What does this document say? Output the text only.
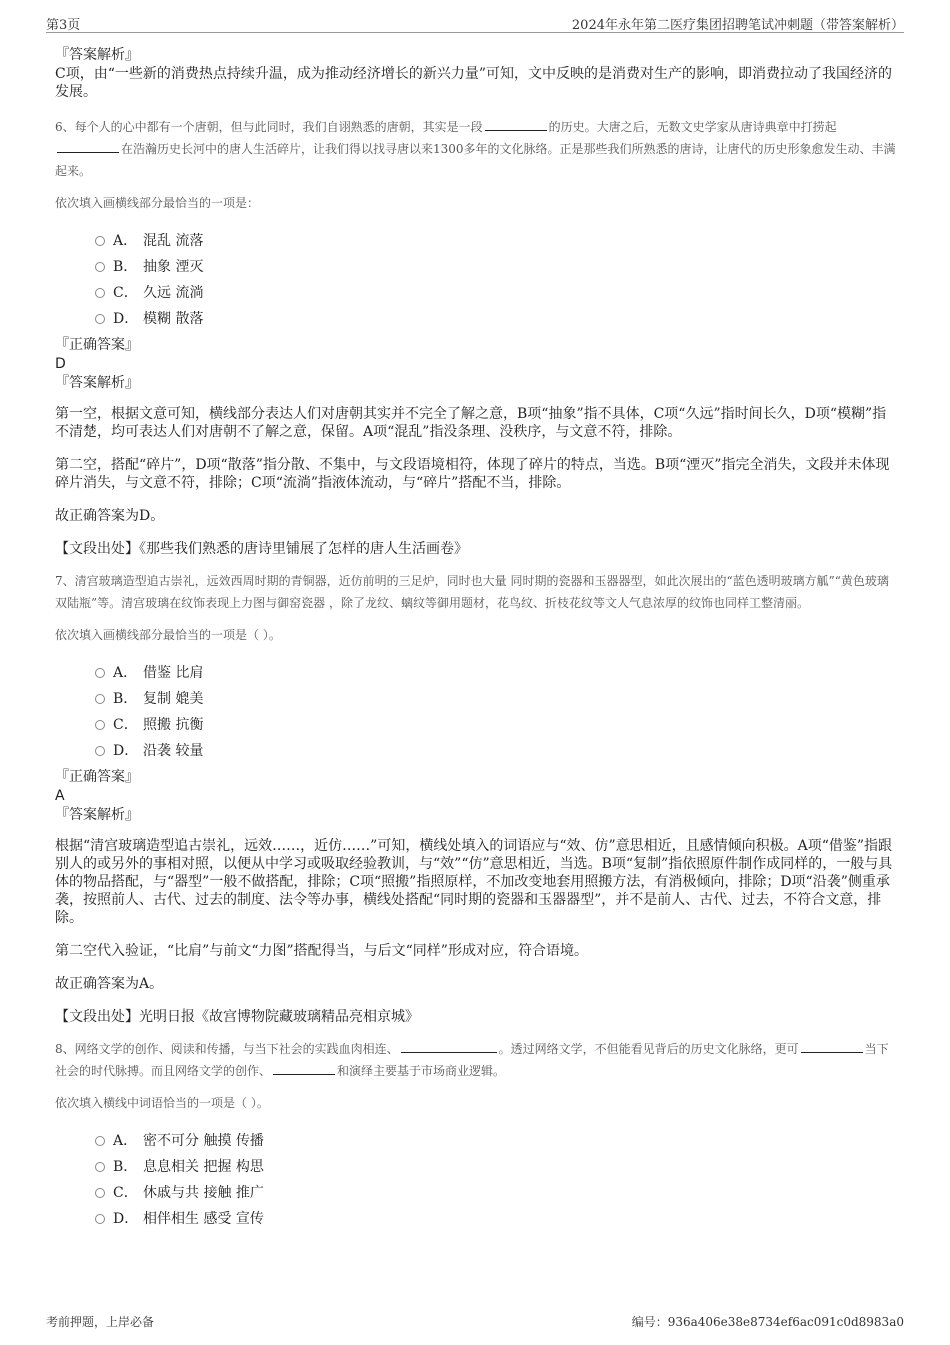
第3页	2024年永年第二医疗集团招聘笔试冲刺题（带答案解析）
『答案解析』

C项，由“一些新的消费热点持续升温，成为推动经济增长的新兴力量”可知，文中反映的是消费对生产的影响，即消费拉动了我国经济的发展。

6、每个人的心中都有一个唐朝，但与此同时，我们自诩熟悉的唐朝，其实是一段	的历史。大唐之后，无数文史学家从唐诗典章中打捞起在浩瀚历史长河中的唐人生活碎片，让我们得以找寻唐以来1300多年的文化脉络。正是那些我们所熟悉的唐诗，让唐代的历史形象愈发生动、丰满起来。

依次填入画横线部分最恰当的一项是：

A． 混乱 流落
B． 抽象 湮灭
C． 久远 流淌
D． 模糊 散落
『正确答案』
D
『答案解析』

第一空，根据文意可知，横线部分表达人们对唐朝其实并不完全了解之意，B项“抽象”指不具体，C项“久远”指时间长久，D项“模糊”指不清楚，均可表达人们对唐朝不了解之意，保留。A项“混乱”指没条理、没秩序，与文意不符，排除。

第二空，搭配“碎片”，D项“散落”指分散、不集中，与文段语境相符，体现了碎片的特点，当选。B项“湮灭”指完全消失，文段并未体现碎片消失，与文意不符，排除；C项“流淌”指液体流动，与“碎片”搭配不当，排除。

故正确答案为D。

【文段出处】《那些我们熟悉的唐诗里铺展了怎样的唐人生活画卷》

7、清宫玻璃造型追古崇礼，远效西周时期的青铜器，近仿前明的三足炉，同时也大量 同时期的瓷器和玉器器型，如此次展出的“蓝色透明玻璃方觚”“黄色玻璃双陆瓶”等。清宫玻璃在纹饰表现上力图与御窑瓷器 ，除了龙纹、螭纹等御用题材，花鸟纹、折枝花纹等文人气息浓厚的纹饰也同样工整清丽。

依次填入画横线部分最恰当的一项是（ ）。

A． 借鉴 比肩
B． 复制 媲美
C． 照搬 抗衡
D． 沿袭 较量
『正确答案』
A
『答案解析』

根据“清宫玻璃造型追古崇礼，远效……，近仿……”可知，横线处填入的词语应与“效、仿”意思相近，且感情倾向积极。A项“借鉴”指跟别人的或另外的事相对照，以便从中学习或吸取经验教训，与“效”“仿”意思相近，当选。B项“复制”指依照原件制作成同样的，一般与具体的物品搭配，与“器型”一般不做搭配，排除；C项“照搬”指照原样，不加改变地套用照搬方法，有消极倾向，排除；D项“沿袭”侧重承袭，按照前人、古代、过去的制度、法令等办事，横线处搭配“同时期的瓷器和玉器器型”，并不是前人、古代、过去，不符合文意，排除。

第二空代入验证，“比肩”与前文“力图”搭配得当，与后文“同样”形成对应，符合语境。

故正确答案为A。

【文段出处】光明日报《故宫博物院藏玻璃精品亮相京城》

8、网络文学的创作、阅读和传播，与当下社会的实践血肉相连、	。透过网络文学，不但能看见背后的历史文化脉络，更可	当下社会的时代脉搏。而且网络文学的创作、	和演绎主要基于市场商业逻辑。

依次填入横线中词语恰当的一项是（ ）。

A． 密不可分 触摸 传播
B． 息息相关 把握 构思
C． 休戚与共 接触 推广
D． 相伴相生 感受 宣传
考前押题，上岸必备	编号：936a406e38e8734ef6ac091c0d8983a0
